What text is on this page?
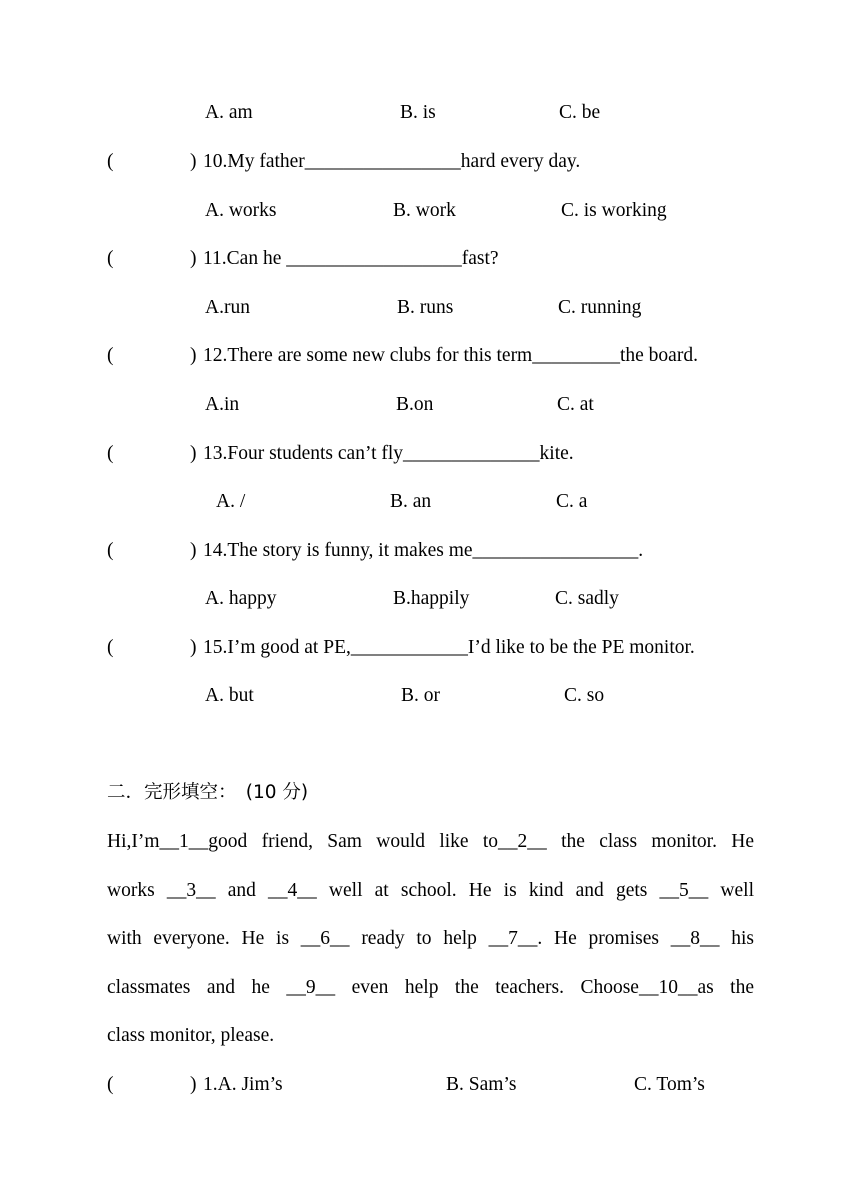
A. am	B. is	C. be
(	) 10.My father________________hard every day.
A. works	B. work	C. is working
(	) 11.Can he __________________fast?
A.run	B. runs	C. running
(	) 12.There are some new clubs for this term_________the board.
A.in	B.on	C. at
(	) 13.Four students can’t fly______________kite.
A. /	B. an	C. a
(	) 14.The story is funny, it makes me_________________.
A. happy	B.happily	C. sadly
(	) 15.I’m good at PE,____________I’d like to be the PE monitor.
A. but	B. or	C. so
二．完形填空：　(10 分)
Hi,I’m__1__good friend, Sam would like to__2__ the class monitor. He
works __3__ and __4__ well at school. He is kind and gets __5__ well
with everyone. He is __6__ ready to help __7__. He promises __8__ his
classmates and he __9__ even help the teachers. Choose__10__as the
class monitor, please.
(	) 1.A. Jim’s	B. Sam’s	C. Tom’s
